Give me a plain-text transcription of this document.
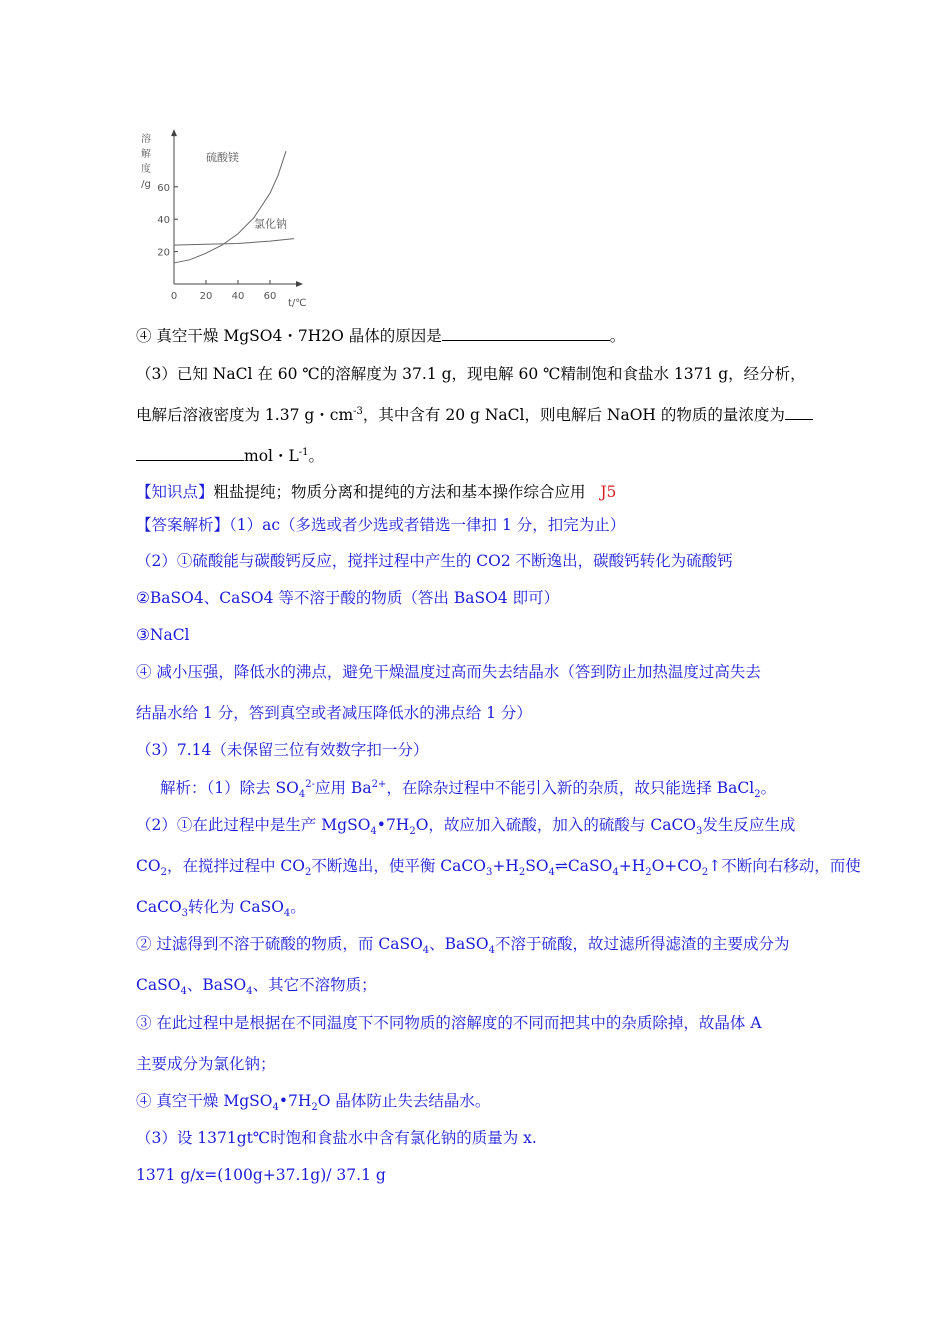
20
40
60
0 20 40 60
溶
解
度
/g
t/℃
硫酸镁
氯化钠
④ 真空干燥 MgSO4・7H2O 晶体的原因是	。
（3）已知 NaCl 在 60 ℃的溶解度为 37.1 g，现电解 60 ℃精制饱和食盐水 1371 g，经分析，
电解后溶液密度为 1.37 g・$cm^{-3}$，其中含有 20 g NaCl，则电解后 NaOH 的物质的量浓度为
mol・$L^{-1}$。
【知识点】粗盐提纯；物质分离和提纯的方法和基本操作综合应用 J5
【答案解析】（1）ac（多选或者少选或者错选一律扣 1 分，扣完为止）
（2）①硫酸能与碳酸钙反应，搅拌过程中产生的 CO2 不断逸出，碳酸钙转化为硫酸钙
②BaSO4、CaSO4 等不溶于酸的物质（答出 BaSO4 即可）
③NaCl
④ 减小压强，降低水的沸点，避免干燥温度过高而失去结晶水（答到防止加热温度过高失去
结晶水给 1 分，答到真空或者减压降低水的沸点给 1 分）
（3）7.14（未保留三位有效数字扣一分）
解析：（1）除去 $SO_4^{2-}$应用 $Ba^{2+}$，在除杂过程中不能引入新的杂质，故只能选择 BaCl$_2$。
（2）①在此过程中是生产 $MgSO_4•7H_2O$，故应加入硫酸，加入的硫酸与 CaCO$_3$发生反应生成
$CO_2$，在搅拌过程中 $CO_2$不断逸出，使平衡 $CaCO_3+H_2SO_4\rightleftharpoons CaSO_4+H_2O+CO_2↑$不断向右移动，而使
CaCO$_3$转化为 CaSO$_4$。
② 过滤得到不溶于硫酸的物质，而 CaSO$_4$、BaSO$_4$不溶于硫酸，故过滤所得滤渣的主要成分为
CaSO$_4$、BaSO$_4$、其它不溶物质；
③ 在此过程中是根据在不同温度下不同物质的溶解度的不同而把其中的杂质除掉，故晶体 A
主要成分为氯化钠；
④ 真空干燥 $MgSO_4•7H_2O$ 晶体防止失去结晶水。
（3）设 1371gt℃时饱和食盐水中含有氯化钠的质量为 x.
1371 g/x=(100g+37.1g)/ 37.1 g
